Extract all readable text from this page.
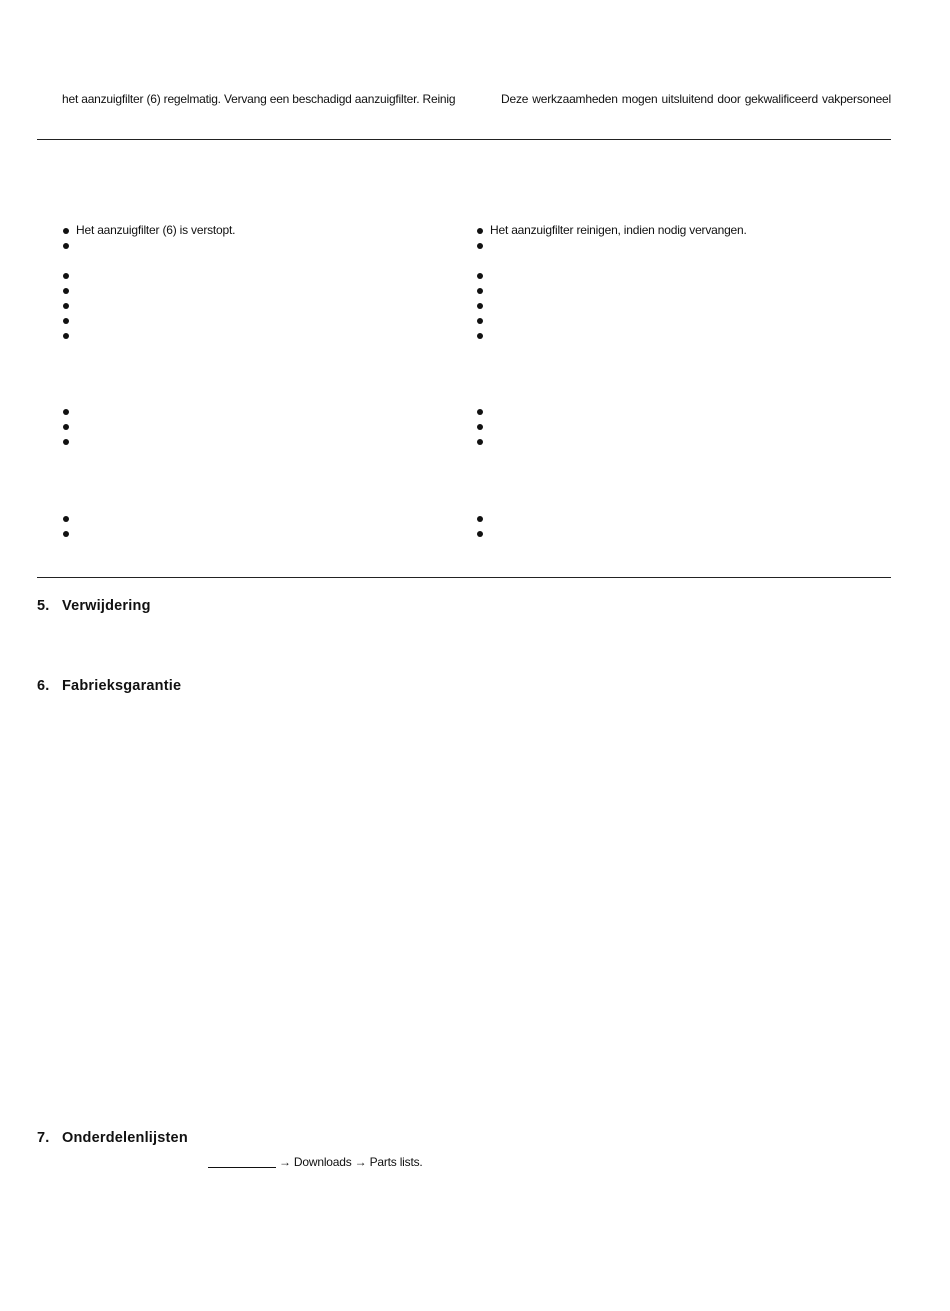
het aanzuigfilter (6) regelmatig. Vervang een beschadigd aanzuigfilter. Reinig	Deze werkzaamheden mogen uitsluitend door gekwalificeerd vakpersoneel
Het aanzuigfilter (6) is verstopt.	Het aanzuigfilter reinigen, indien nodig vervangen.
5. Verwijdering
6. Fabrieksgarantie
7. Onderdelenlijsten
→ Downloads → Parts lists.
